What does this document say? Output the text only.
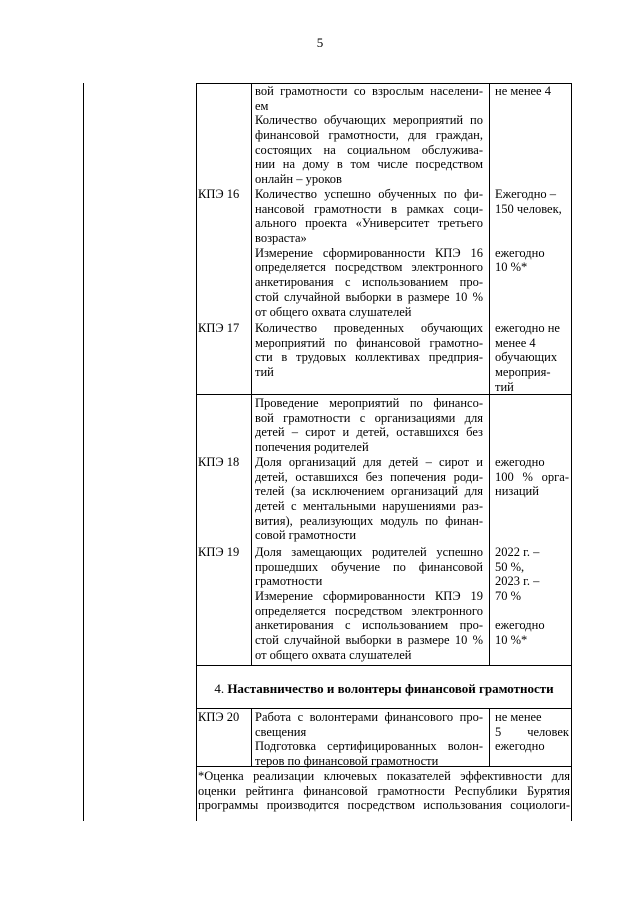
5
вой грамотности со взрослым населени-
ем
Количество обучающих мероприятий по
финансовой грамотности, для граждан,
состоящих на социальном обслужива-
нии на дому в том числе посредством
онлайн – уроков
не менее 4
КПЭ 16 Количество успешно обученных по фи-
нансовой грамотности в рамках соци-
ального проекта «Университет третьего
возраста»
Измерение сформированности КПЭ 16
определяется посредством электронного
анкетирования с использованием про-
стой случайной выборки в размере 10 %
от общего охвата слушателей
Ежегодно –
150 человек,
ежегодно
10 %*
КПЭ 17 Количество проведенных обучающих
мероприятий по финансовой грамотно-
сти в трудовых коллективах предприя-
тий
ежегодно не
менее 4
обучающих
мероприя-
тий
Проведение мероприятий по финансо-
вой грамотности с организациями для
детей – сирот и детей, оставшихся без
попечения родителей
КПЭ 18 Доля организаций для детей – сирот и
детей, оставшихся без попечения роди-
телей (за исключением организаций для
детей с ментальными нарушениями раз-
вития), реализующих модуль по финан-
совой грамотности
ежегодно
100 % орга-
низаций
КПЭ 19 Доля замещающих родителей успешно
прошедших обучение по финансовой
грамотности
Измерение сформированности КПЭ 19
определяется посредством электронного
анкетирования с использованием про-
стой случайной выборки в размере 10 %
от общего охвата слушателей
2022 г. –
50 %,
2023 г. –
70 %
ежегодно
10 %*
4. Наставничество и волонтеры финансовой грамотности
КПЭ 20 Работа с волонтерами финансового про-
свещения
Подготовка сертифицированных волон-
теров по финансовой грамотности
не менее
5 человек
ежегодно
*Оценка реализации ключевых показателей эффективности для
оценки рейтинга финансовой грамотности Республики Бурятия
программы производится посредством использования социологи-
